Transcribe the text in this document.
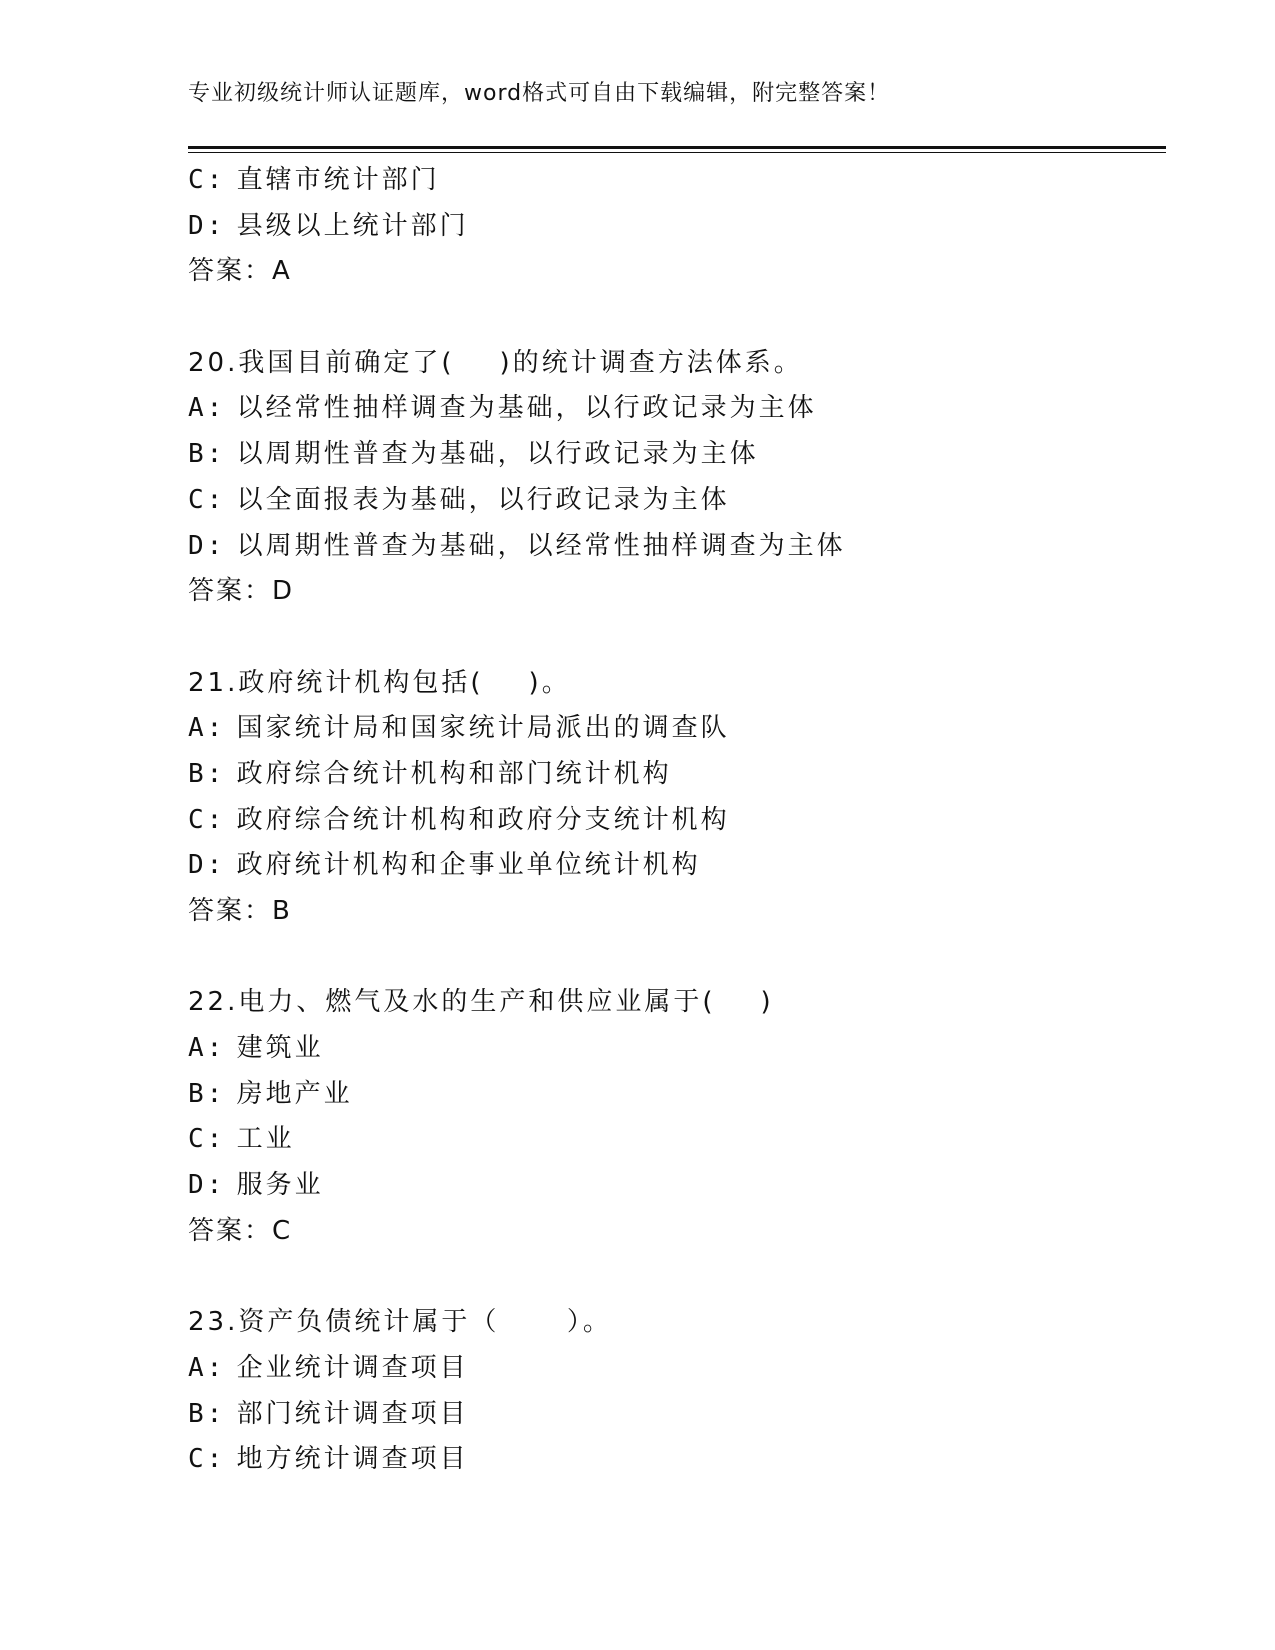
专业初级统计师认证题库，word格式可自由下载编辑，附完整答案！
C: 直辖市统计部门
D: 县级以上统计部门
答案：A
20.我国目前确定了(    )的统计调查方法体系。
A: 以经常性抽样调查为基础，以行政记录为主体
B: 以周期性普查为基础，以行政记录为主体
C: 以全面报表为基础，以行政记录为主体
D: 以周期性普查为基础，以经常性抽样调查为主体
答案：D
21.政府统计机构包括(    )。
A: 国家统计局和国家统计局派出的调查队
B: 政府综合统计机构和部门统计机构
C: 政府综合统计机构和政府分支统计机构
D: 政府统计机构和企事业单位统计机构
答案：B
22.电力、燃气及水的生产和供应业属于(    )
A: 建筑业
B: 房地产业
C: 工业
D: 服务业
答案：C
23.资产负债统计属于（      ）。
A: 企业统计调查项目
B: 部门统计调查项目
C: 地方统计调查项目
